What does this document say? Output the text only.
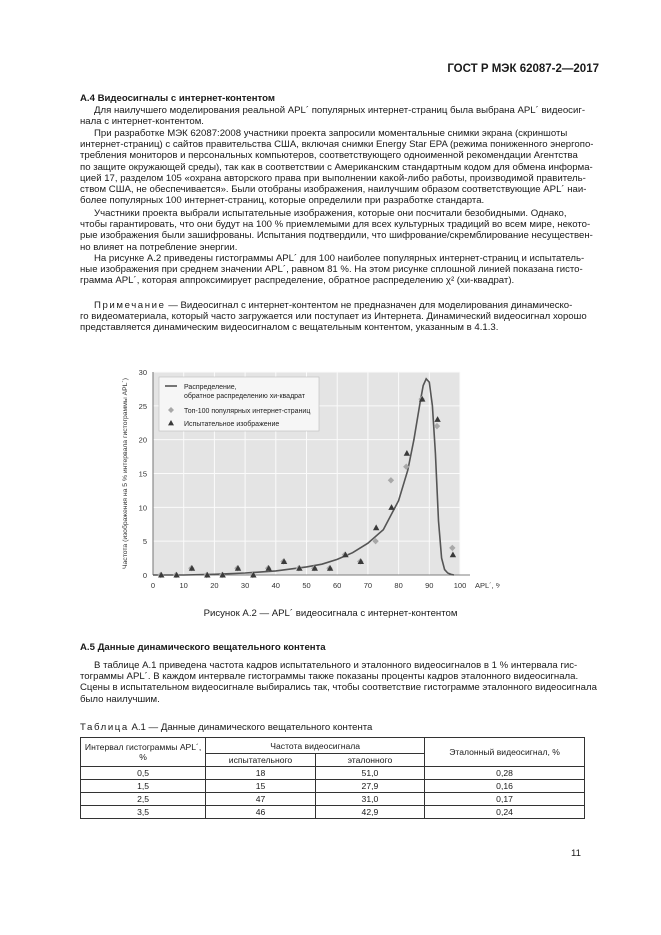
ГОСТ Р МЭК 62087-2—2017
А.4 Видеосигналы с интернет-контентом
Для наилучшего моделирования реальной APL´ популярных интернет-страниц была выбрана APL´ видеосиг-
нала с интернет-контентом.
При разработке МЭК 62087:2008 участники проекта запросили моментальные снимки экрана (скриншоты
интернет-страниц) с сайтов правительства США, включая снимки Energy Star EPA (режима пониженного энергопо-
требления мониторов и персональных компьютеров, соответствующего одноименной рекомендации Агентства
по защите окружающей среды), так как в соответствии с Американским стандартным кодом для обмена информа-
цией 17, разделом 105 «охрана авторского права при выполнении какой-либо работы, производимой правитель-
ством США, не обеспечивается». Были отобраны изображения, наилучшим образом соответствующие APL´ наи-
более популярных 100 интернет-страниц, которые определили при разработке стандарта.
Участники проекта выбрали испытательные изображения, которые они посчитали безобидными. Однако,
чтобы гарантировать, что они будут на 100 % приемлемыми для всех культурных традиций во всем мире, некото-
рые изображения были зашифрованы. Испытания подтвердили, что шифрование/скремблирование несуществен-
но влияет на потребление энергии.
На рисунке А.2 приведены гистограммы APL´ для 100 наиболее популярных интернет-страниц и испытатель-
ные изображения при среднем значении APL´, равном 81 %. На этом рисунке сплошной линией показана гисто-
грамма APL´, которая аппроксимирует распределение, обратное распределению χ² (хи-квадрат).
Примечание — Видеосигнал с интернет-контентом не предназначен для моделирования динамическо-
го видеоматериала, который часто загружается или поступает из Интернета. Динамический видеосигнал хорошо
представляется динамическим видеосигналом с вещательным контентом, указанным в 4.1.3.
0
5
10
15
20
25
30
0	10	20	30	40	50	60	70	80	90	100 APL´, %
Частота (изображения на 5 % интервала гистограммы APL´)	Распределение, обратное распределению хи-квадрат
Топ-100 популярных интернет-страниц
Испытательное изображение
Рисунок А.2 — APL´ видеосигнала с интернет-контентом
А.5 Данные динамического вещательного контента
В таблице А.1 приведена частота кадров испытательного и эталонного видеосигналов в 1 % интервала гис-
тограммы APL´. В каждом интервале гистограммы также показаны проценты кадров эталонного видеосигнала.
Сцены в испытательном видеосигнале выбирались так, чтобы соответствие гистограмме эталонного видеосигнала
было наилучшим.
Таблица А.1 — Данные динамического вещательного контента
Интервал гистограммы APL´, %	Частота видеосигнала		Эталонный видеосигнал, %
	испытательного	эталонного	
0,5	18	51,0	0,28
1,5	15	27,9	0,16
2,5	47	31,0	0,17
3,5	46	42,9	0,24
11
